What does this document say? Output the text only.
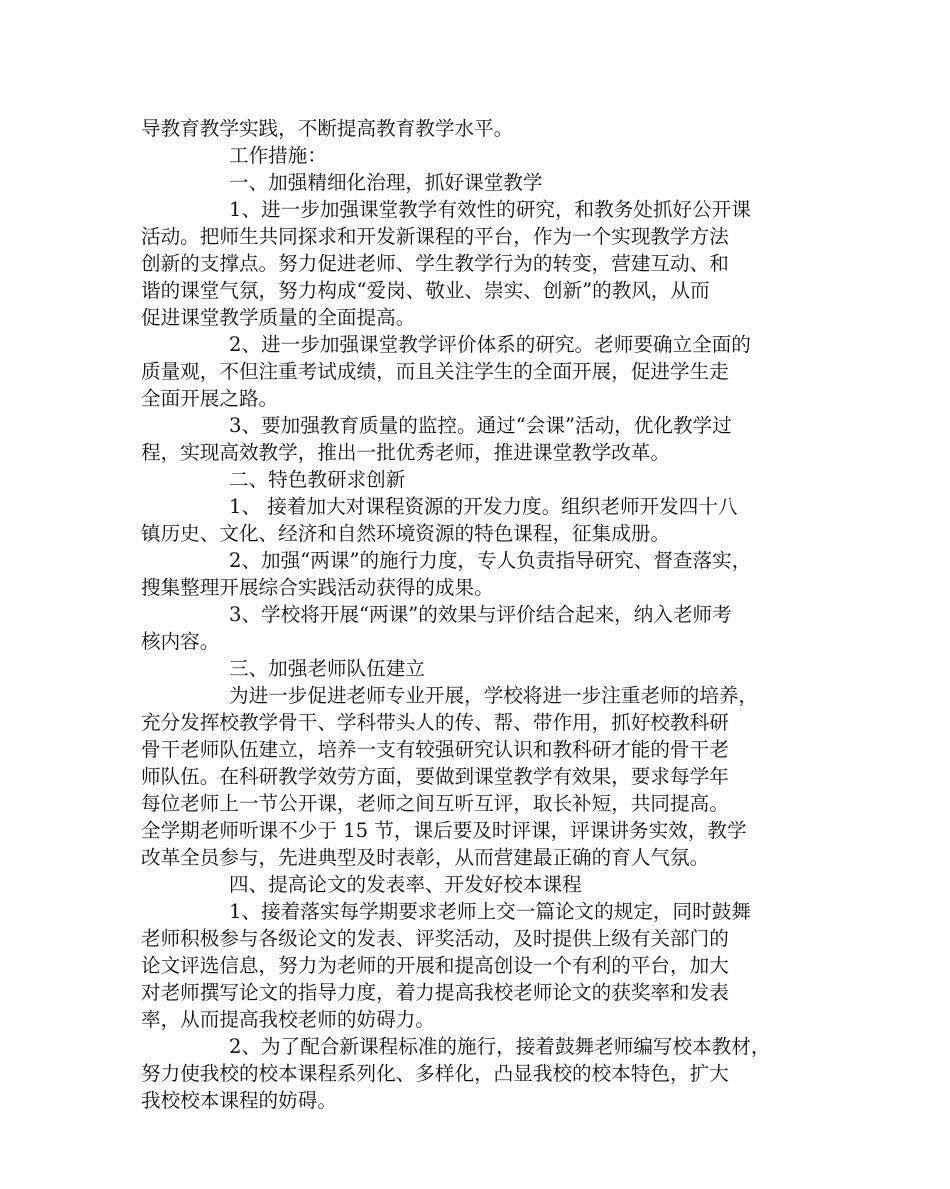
导教育教学实践，不断提高教育教学水平。

工作措施：

一、加强精细化治理，抓好课堂教学

1、进一步加强课堂教学有效性的研究，和教务处抓好公开课
活动。把师生共同探求和开发新课程的平台，作为一个实现教学方法
创新的支撑点。努力促进老师、学生教学行为的转变，营建互动、和
谐的课堂气氛，努力构成“爱岗、敬业、崇实、创新”的教风，从而
促进课堂教学质量的全面提高。

2、进一步加强课堂教学评价体系的研究。老师要确立全面的
质量观，不但注重考试成绩，而且关注学生的全面开展，促进学生走
全面开展之路。

3、要加强教育质量的监控。通过“会课”活动，优化教学过
程，实现高效教学，推出一批优秀老师，推进课堂教学改革。

二、特色教研求创新

1、 接着加大对课程资源的开发力度。组织老师开发四十八
镇历史、文化、经济和自然环境资源的特色课程，征集成册。

2、加强“两课”的施行力度，专人负责指导研究、督查落实，
搜集整理开展综合实践活动获得的成果。

3、学校将开展“两课”的效果与评价结合起来，纳入老师考
核内容。

三、加强老师队伍建立

为进一步促进老师专业开展，学校将进一步注重老师的培养，
充分发挥校教学骨干、学科带头人的传、帮、带作用，抓好校教科研
骨干老师队伍建立，培养一支有较强研究认识和教科研才能的骨干老
师队伍。在科研教学效劳方面，要做到课堂教学有效果，要求每学年
每位老师上一节公开课，老师之间互听互评，取长补短，共同提高。
全学期老师听课不少于 15 节，课后要及时评课，评课讲务实效，教学
改革全员参与，先进典型及时表彰，从而营建最正确的育人气氛。

四、提高论文的发表率、开发好校本课程

1、接着落实每学期要求老师上交一篇论文的规定，同时鼓舞
老师积极参与各级论文的发表、评奖活动，及时提供上级有关部门的
论文评选信息，努力为老师的开展和提高创设一个有利的平台，加大
对老师撰写论文的指导力度，着力提高我校老师论文的获奖率和发表
率，从而提高我校老师的妨碍力。

2、为了配合新课程标准的施行，接着鼓舞老师编写校本教材，
努力使我校的校本课程系列化、多样化，凸显我校的校本特色，扩大
我校校本课程的妨碍。
